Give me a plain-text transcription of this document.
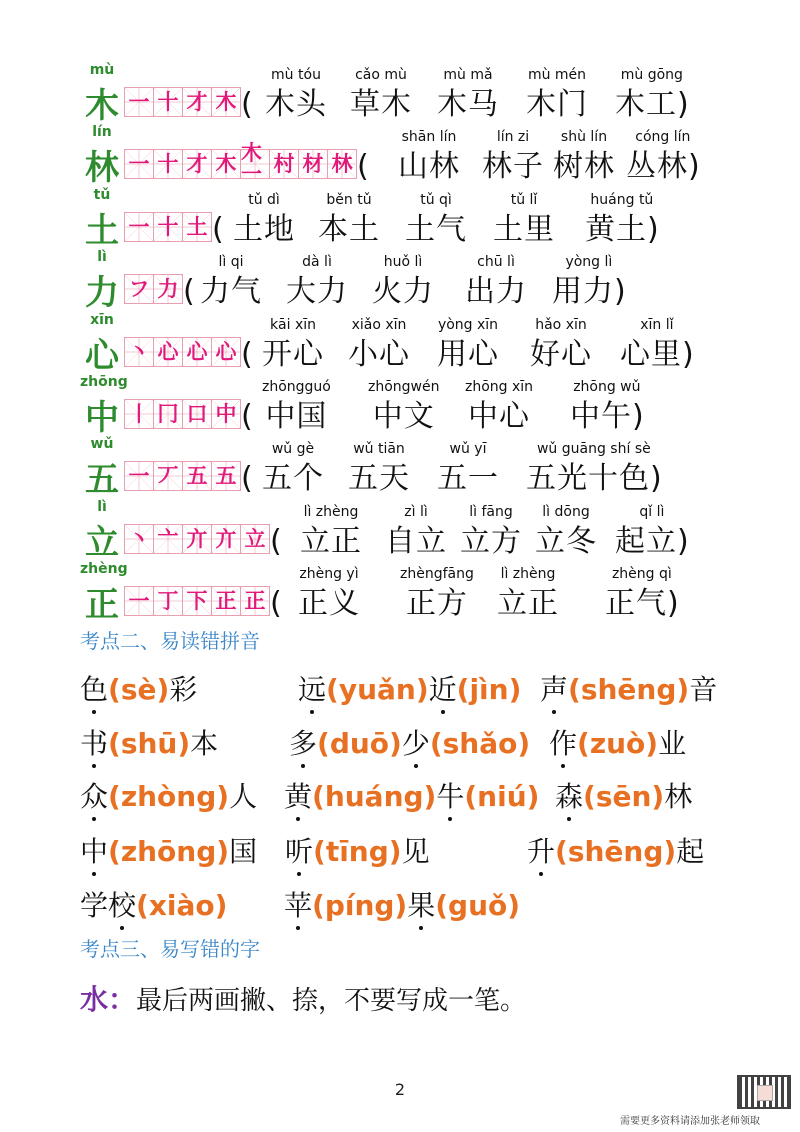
mù
木 一 十 才 木 (
mù tóu
木头
cǎo mù
草木
mù mǎ
木马
mù mén
木门
mù gōng
木工 )
lín
林 一 十 才 木 木一 村 材 林 (
shān lín
山林
lín zi
林子
shù lín
树林
cóng lín
丛林 )
tǔ
土 一 十 土 (
tǔ dì
土地
běn tǔ
本土
tǔ qì
土气
tǔ lǐ
土里
huáng tǔ
黄土 )
lì
力 フ 力 (
lì qi
力气
dà lì
大力
huǒ lì
火力
chū lì
出力
yòng lì
用力 )
xīn
心 丶 心 心 心 (
kāi xīn
开心
xiǎo xīn
小心
yòng xīn
用心
hǎo xīn
好心
xīn lǐ
心里 )
zhōng
中 丨 冂 口 中 (
zhōngguó
中国
zhōngwén
中文
zhōng xīn
中心
zhōng wǔ
中午 )
wǔ
五 一 丆 五 五 (
wǔ gè
五个
wǔ tiān
五天
wǔ yī
五一
wǔ guāng shí sè
五光十色 )
lì
立 丶 亠 亣 亣 立 (
lì zhèng
立正
zì lì
自立
lì fāng
立方
lì dōng
立冬
qǐ lì
起立 )
zhèng
正 一 丁 下 正 正 (
zhèng yì
正义
zhèngfāng
正方
lì zhèng
立正
zhèng qì
正气 )
考点二、易读错拼音
色(sè)彩	远(yuǎn)近(jìn) 声(shēng)音
书(shū)本	多(duō)少(shǎo) 作(zuò)业
众(zhòng)人 黄(huáng)牛(niú) 森(sēn)林
中(zhōng)国 听(tīng)见	升(shēng)起
学校(xiào) 苹(píng)果(guǒ)
考点三、易写错的字
水：最后两画撇、捺，不要写成一笔。
2
需要更多资料请添加张老师领取
